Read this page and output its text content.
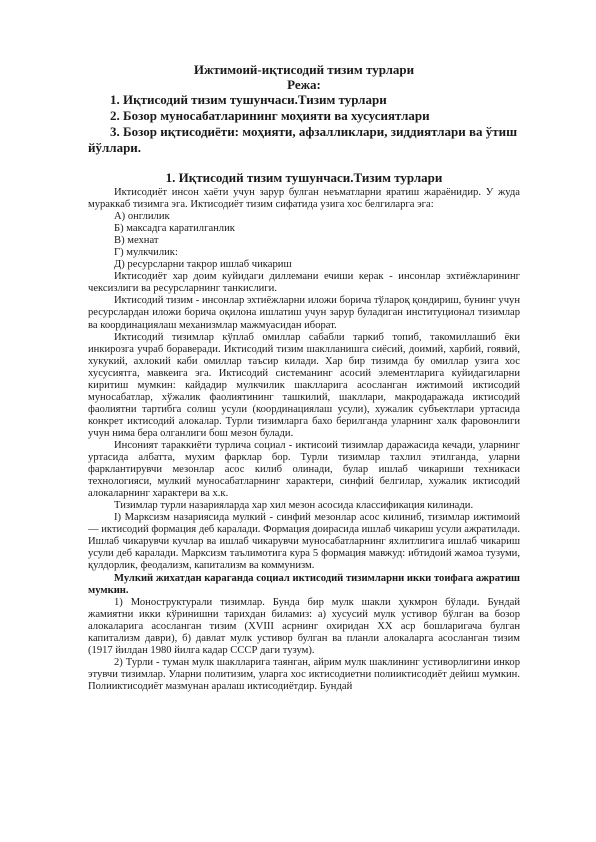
Ижтимоий-иқтисодий тизим турлари

Режа:

1. Иқтисодий тизим тушунчаси.Тизим турлари

2. Бозор муносабатларининг моҳияти ва хусусиятлари

3. Бозор иқтисодиёти: моҳияти, афзалликлари, зиддиятлари ва ўтиш йўллари.

1. Иқтисодий тизим тушунчаси.Тизим турлари

Иктисодиёт инсон хаёти учун зарур булган неъматларни яратиш жараёнидир. У жуда мураккаб тизимга эга. Иктисодиёт тизим сифатида узига хос белгиларга эга:

А) онглилик

Б) максадга каратилганлик

В) мехнат

Г) мулкчилик:

Д) ресурсларни такрор ишлаб чикариш

Иктисодиёт хар доим куйидаги диллемани ечиши керак - инсонлар эхтиёжларининг чексизлиги ва ресурсларнинг танкислиги.

Иктисодий тизим - инсонлар эхтиёжларни иложи борича тўлароқ қондириш, бунинг учун ресурслардан иложи борича оқилона ишлатиш учун зарур буладиган институционал тизимлар ва координациялаш механизмлар мажмуасидан иборат.

Иктисодий тизимлар кўплаб омиллар сабабли таркиб топиб, такомиллашиб ёки инкирозга учраб бораверади. Иктисодий тизим шаклланишга сиёсий, доимий, харбий, гоявий, хукукий, ахлокий каби омиллар таъсир килади. Хар бир тизимда бу омиллар узига хос хусусиятга, мавкеига эга. Иктисодий системанинг асосий элементларига куйидагиларни киритиш мумкин: кайдадир мулкчилик шаклларига асосланган ижтимоий иктисодий муносабатлар, хўжалик фаолиятининг ташкилий, шакллари, макродаражада иктисодий фаолиятни тартибга солиш усули (координациялаш усули), хужалик субъектлари уртасида конкрет иктисодий алокалар. Турли тизимларга бахо берилганда уларнинг халк фаровонлиги учун нима бера олганлиги бош мезон булади.

Инсоният тараккиёти турлича социал - иктисоий тизимлар даражасида кечади, уларнинг уртасида албатта, мухим фарклар бор. Турли тизимлар тахлил этилганда, уларни фарклантирувчи мезонлар асос килиб олинади, булар ишлаб чикариши техникаси технологияси, мулкий муносабатларнинг характери, синфий белгилар, хужалик иктисодий алокаларнинг характери ва х.к.

Тизимлар турли назарияларда хар хил мезон асосида классификация килинади.

I) Марксизм назариясида мулкий - синфий мезонлар асос килиниб, тизимлар ижтимоий — иктисодий формация деб каралади. Формация доирасида ишлаб чикариш усули ажратилади. Ишлаб чикарувчи кучлар ва ишлаб чикарувчи муносабатларнинг яхлитлигига ишлаб чикариш усули деб каралади. Марксизм таълимотига кура 5 формация мавжуд: ибтидоий жамоа тузуми, қулдорлик, феодализм, капитализм ва коммунизм.

Мулкий жихатдан караганда социал иктисодий тизимларни икки тоифага ажратиш мумкин.

1) Моноструктурали тизимлар. Бунда бир мулк шакли ҳукмрон бўлади. Бундай жамиятни икки кўринишни тарихдан биламиз: а) хусусий мулк устивор бўлган ва бозор алокаларига асосланган тизим (XVIII асрнинг охиридан XX аср бошларигача булган капитализм даври), б) давлат мулк устивор булган ва планли алокаларга асосланган тизим (1917 йилдан 1980 йилга кадар СССР даги тузум).

2) Турли - туман мулк шаклларига таянган, айрим мулк шаклининг устиворлигини инкор этувчи тизимлар. Уларни политизим, уларга хос иктисодиетни полииктисодиёт дейиш мумкин. Полииктисодиёт мазмунан аралаш иктисодиётдир. Бундай
